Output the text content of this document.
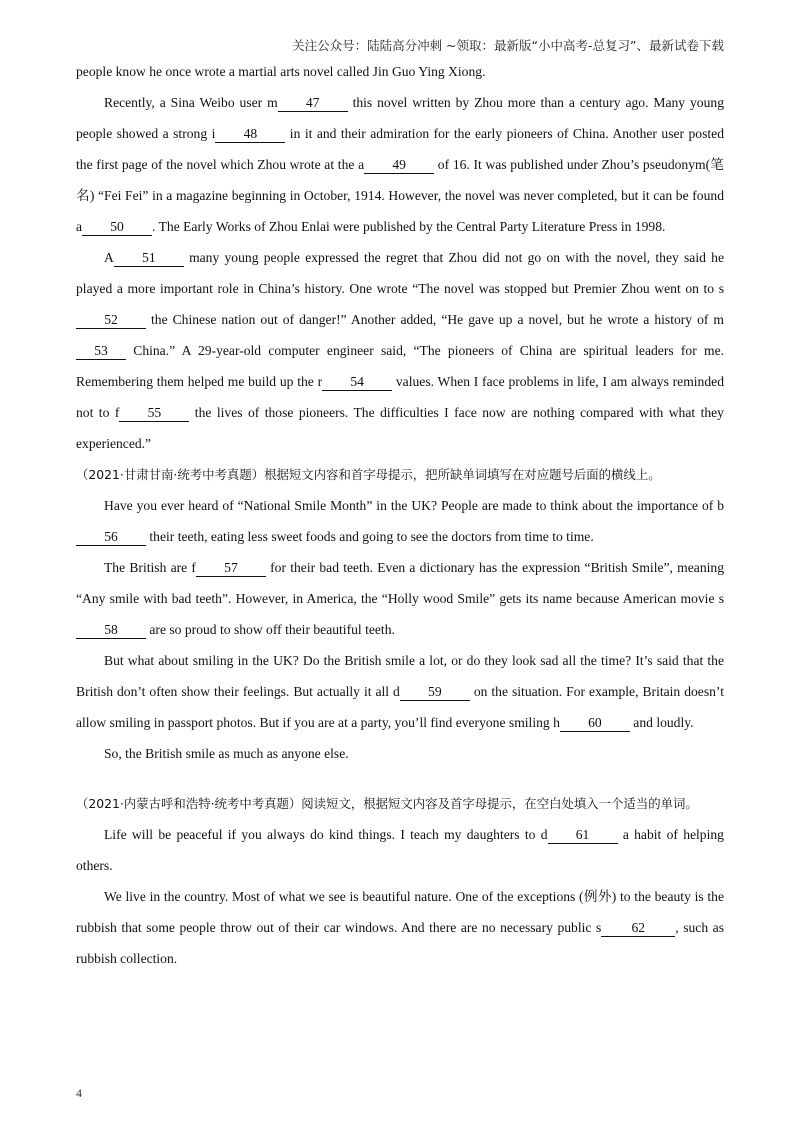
关注公众号：陆陆高分冲刺 ~领取：最新版“小中高考-总复习”、最新试卷下载
people know he once wrote a martial arts novel called Jin Guo Ying Xiong.
Recently, a Sina Weibo user m 47 this novel written by Zhou more than a century ago. Many young people showed a strong i 48 in it and their admiration for the early pioneers of China. Another user posted the first page of the novel which Zhou wrote at the a 49 of 16. It was published under Zhou’s pseudonym(笔名) “Fei Fei” in a magazine beginning in October, 1914. However, the novel was never completed, but it can be found a 50 . The Early Works of Zhou Enlai were published by the Central Party Literature Press in 1998.
A 51 many young people expressed the regret that Zhou did not go on with the novel, they said he played a more important role in China’s history. One wrote “The novel was stopped but Premier Zhou went on to s52 the Chinese nation out of danger!” Another added, “He gave up a novel, but he wrote a history of m 53 China.” A 29-year-old computer engineer said, “The pioneers of China are spiritual leaders for me. Remembering them helped me build up the r 54 values. When I face problems in life, I am always reminded not to f 55 the lives of those pioneers. The difficulties I face now are nothing compared with what they experienced.”
（2021·甘肃甘南·统考中考真题）根据短文内容和首字母提示，把所缺单词填写在对应题号后面的横线上。
Have you ever heard of “National Smile Month” in the UK? People are made to think about the importance of b56 their teeth, eating less sweet foods and going to see the doctors from time to time.
The British are f 57 for their bad teeth. Even a dictionary has the expression “British Smile”, meaning “Any smile with bad teeth”. However, in America, the “Holly wood Smile” gets its name because American movie s58 are so proud to show off their beautiful teeth.
But what about smiling in the UK? Do the British smile a lot, or do they look sad all the time? It’s said that the British don’t often show their feelings. But actually it all d 59 on the situation. For example, Britain doesn’t allow smiling in passport photos. But if you are at a party, you’ll find everyone smiling h 60 and loudly.
So, the British smile as much as anyone else.
（2021·内蒙古呼和浩特·统考中考真题）阅读短文，根据短文内容及首字母提示，在空白处填入一个适当的单词。
Life will be peaceful if you always do kind things. I teach my daughters to d 61 a habit of helping others.
We live in the country. Most of what we see is beautiful nature. One of the exceptions (例外) to the beauty is the rubbish that some people throw out of their car windows. And there are no necessary public s 62 , such as rubbish collection.
4
